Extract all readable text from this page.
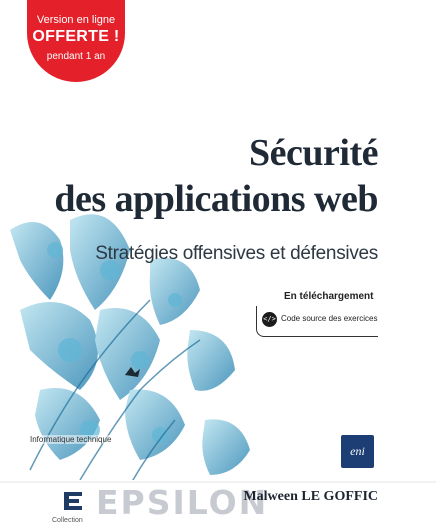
Version en ligne
OFFERTE !
pendant 1 an
Sécurité
des applications web
Stratégies offensives et défensives
En téléchargement
</> Code source des exercices
Informatique technique
eni
Collection EPSILON
Malween LE GOFFIC
